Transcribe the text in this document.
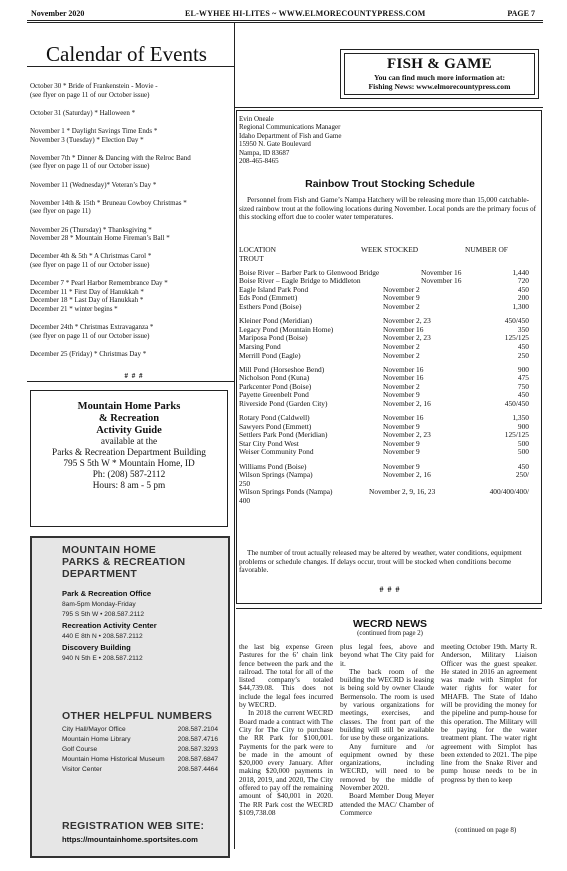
November 2020	EL-WYHEE HI-LITES ~ WWW.ELMORECOUNTYPRESS.COM	PAGE 7
Calendar of Events

October 30 * Bride of Frankenstein - Movie -
(see flyer on page 11 of our October issue)

October 31 (Saturday) * Halloween *

November 1 * Daylight Savings Time Ends *
November 3 (Tuesday) * Election Day *

November 7th * Dinner & Dancing with the Relroc Band
(see flyer on page 11 of our October issue)

November 11 (Wednesday)* Veteran’s Day *

November 14th & 15th * Bruneau Cowboy Christmas *
(see flyer on page 11)

November 26 (Thursday) * Thanksgiving *
November 28 * Mountain Home Fireman’s Ball *

December 4th & 5th * A Christmas Carol *
(see flyer on page 11 of our October issue)

December 7 * Pearl Harbor Remembrance Day *
December 11 * First Day of Hanukkah *
December 18 * Last Day of Hanukkah *
December 21 * winter begins *

December 24th * Christmas Extravaganza *
(see flyer on page 11 of our October issue)

December 25 (Friday) * Christmas Day *

# # #
FISH & GAME
You can find much more information at:
Fishing News: www.elmorecountypress.com
Mountain Home Parks
& Recreation
Activity Guide
available at the
Parks & Recreation Department Building
795 S 5th W * Mountain Home, ID
Ph: (208) 587-2112
Hours: 8 am - 5 pm
MOUNTAIN HOME
PARKS & RECREATION
DEPARTMENT
Park & Recreation Office
8am-5pm Monday-Friday
795 S 5th W • 208.587.2112
Recreation Activity Center
440 E 8th N • 208.587.2112
Discovery Building
940 N 5th E • 208.587.2112
OTHER HELPFUL NUMBERS
City Hall/Mayor Office	208.587.2104
Mountain Home Library	208.587.4716
Golf Course	208.587.3293
Mountain Home Historical Museum 208.587.6847
Visitor Center	208.587.4464
REGISTRATION WEB SITE:
https://mountainhome.sportsites.com
Evin Oneale
Regional Communications Manager
Idaho Department of Fish and Game
15950 N. Gate Boulevard
Nampa, ID 83687
208-465-8465
Rainbow Trout Stocking Schedule
Personnel from Fish and Game’s Nampa Hatchery will be releasing more than 15,000 catchable-sized rainbow trout at the following locations during November. Local ponds are the primary focus of this stocking effort due to cooler water temperatures.
LOCATION	WEEK STOCKED	NUMBER OF
TROUT
Boise River – Barber Park to Glenwood Bridge	November 16	1,440
Boise River – Eagle Bridge to Middleton	November 16	720
Eagle Island Park Pond	November 2	450
Eds Pond (Emmett)	November 9	200
Esthers Pond (Boise)	November 2	1,300
Kleiner Pond (Meridian)	November 2, 23	450/450
Legacy Pond (Mountain Home)	November 16	350
Mariposa Pond (Boise)	November 2, 23	125/125
Marsing Pond	November 2	450
Merrill Pond (Eagle)	November 2	250
Mill Pond (Horseshoe Bend)	November 16	900
Nicholson Pond (Kuna)	November 16	475
Parkcenter Pond (Boise)	November 2	750
Payette Greenbelt Pond	November 9	450
Riverside Pond (Garden City)	November 2, 16	450/450
Rotary Pond (Caldwell)	November 16	1,350
Sawyers Pond (Emmett)	November 9	900
Settlers Park Pond (Meridian)	November 2, 23	125/125
Star City Pond West	November 9	500
Weiser Community Pond	November 9	500
Williams Pond (Boise)	November 9	450
Wilson Springs (Nampa)	November 2, 16	250/
250
Wilson Springs Ponds (Nampa)	November 2, 9, 16, 23	400/400/400/
400
The number of trout actually released may be altered by weather, water conditions, equipment problems or schedule changes. If delays occur, trout will be stocked when conditions become favorable.
# # #
WECRD NEWS
(continued from page 2)

the last big expense Green Pastures for the 6’ chain link fence between the park and the railroad. The total for all of the listed company’s totaled $44,739.08. This does not include the legal fees incurred by WECRD.

In 2018 the current WECRD Board made a contract with The City for The City to purchase the RR Park for $100,001. Payments for the park were to be made in the amount of $20,000 every January. After making $20,000 payments in 2018, 2019, and 2020, The City offered to pay off the remaining amount of $40,001 in 2020. The RR Park cost the WECRD $109,738.08

plus legal fees, above and beyond what The City paid for it.

The back room of the building the WECRD is leasing is being sold by owner Claude Bermensolo. The room is used by various organizations for meetings, exercises, and classes. The front part of the building will still be available for use by these organizations.

Any furniture and /or equipment owned by these organizations, including WECRD, will need to be removed by the middle of November 2020.

Board Member Doug Meyer attended the MAC/ Chamber of Commerce

meeting October 19th. Marty R. Anderson, Military Liaison Officer was the guest speaker. He stated in 2016 an agreement was made with Simplot for water rights for water for MHAFB. The State of Idaho will be providing the money for the pipeline and pump-house for this operation. The Military will be paying for the water treatment plant. The water right agreement with Simplot has been extended to 2021. The pipe line from the Snake River and pump house needs to be in progress by then to keep

(continued on page 8)
